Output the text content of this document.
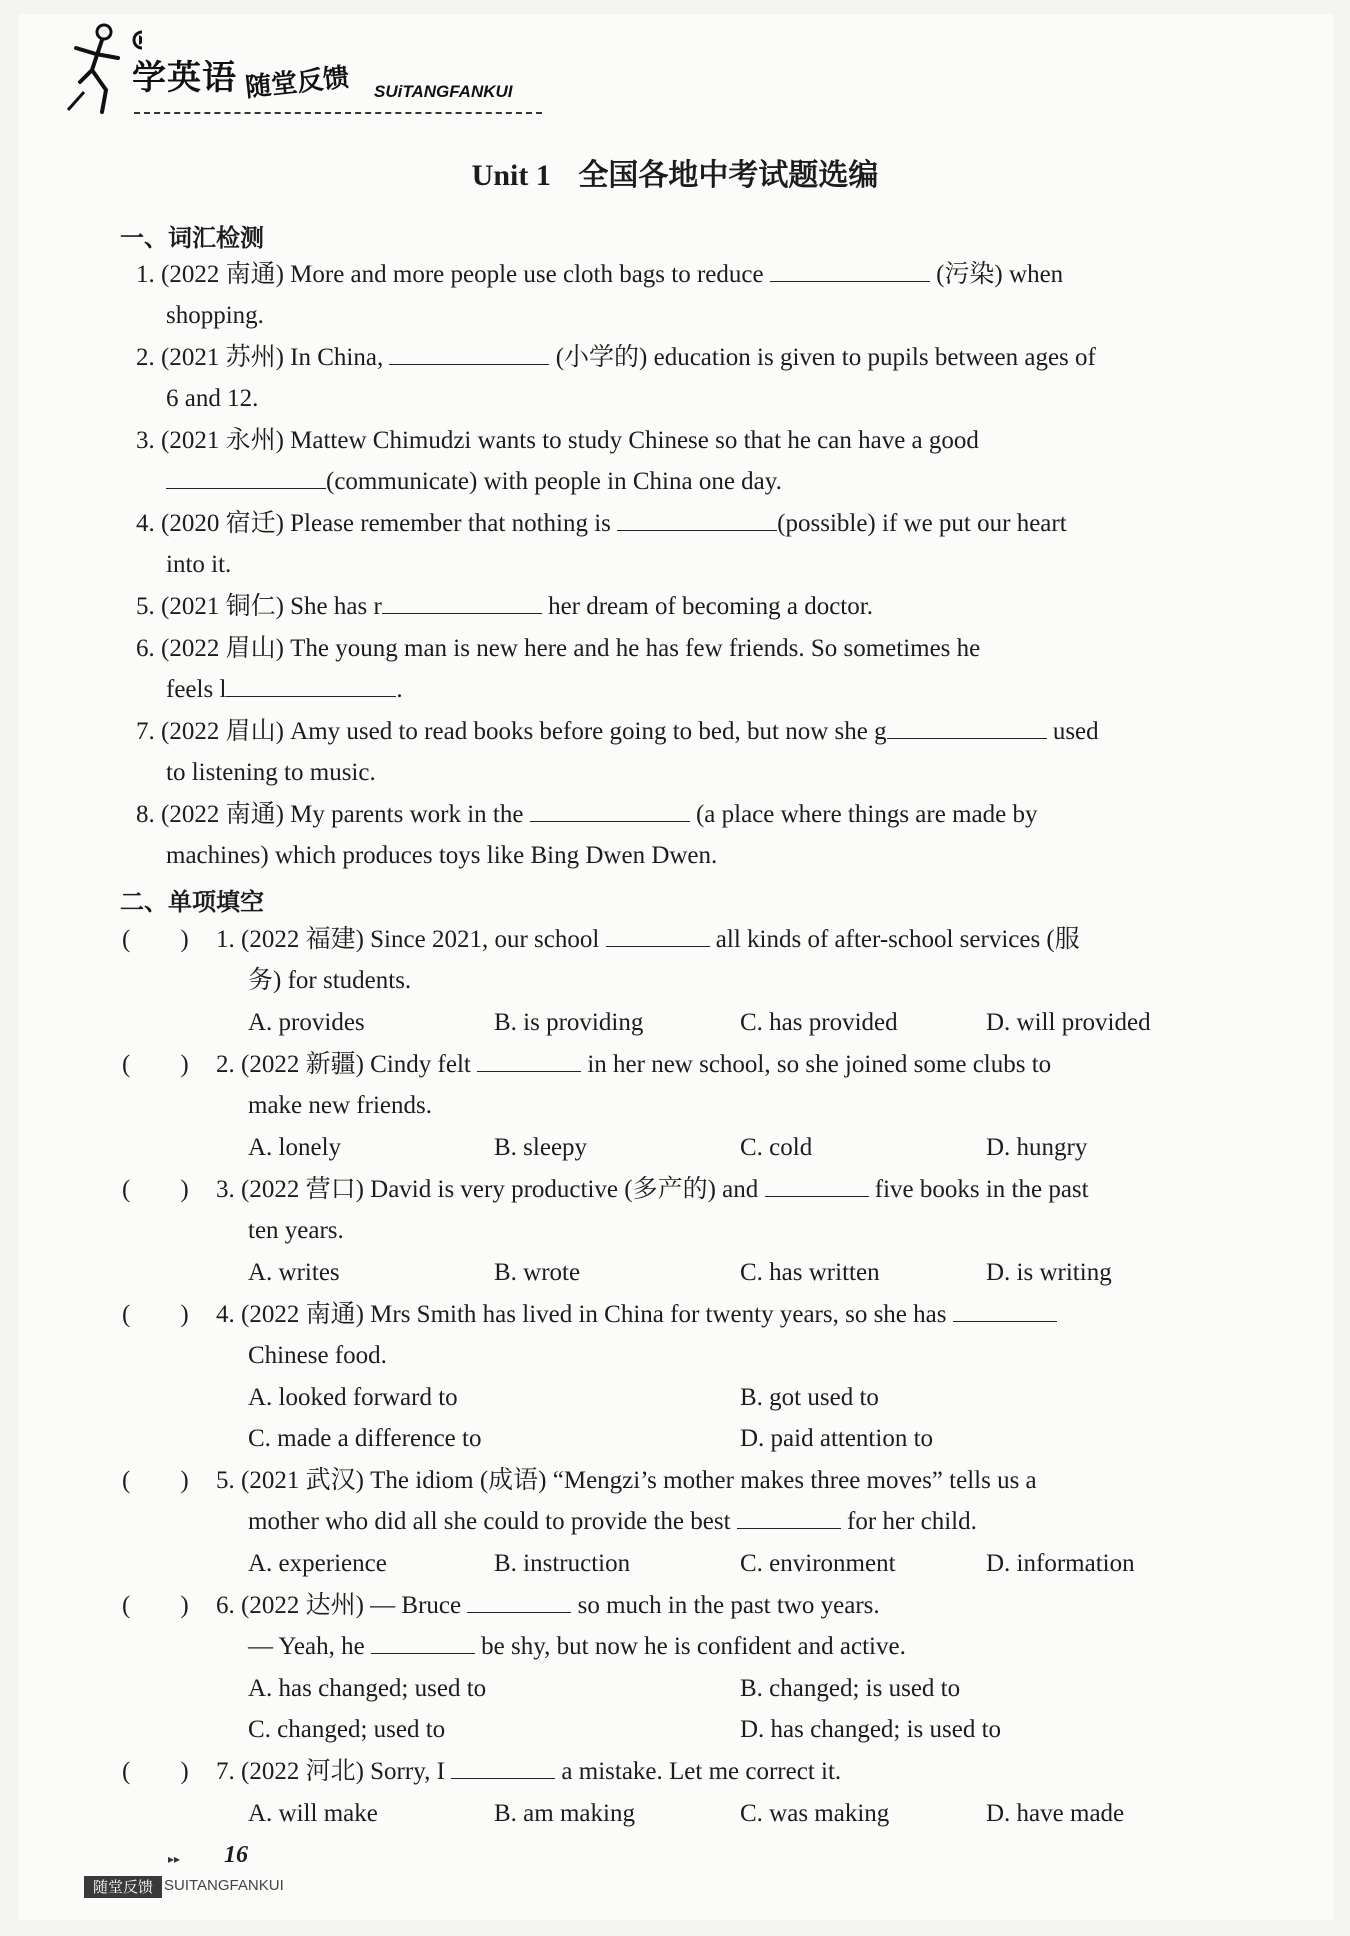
学英语 随堂反馈 SUiTANGFANKUI
Unit 1 全国各地中考试题选编
一、词汇检测
1. (2022 南通) More and more people use cloth bags to reduce	(污染) when
shopping.
2. (2021 苏州) In China,	(小学的) education is given to pupils between ages of
6 and 12.
3. (2021 永州) Mattew Chimudzi wants to study Chinese so that he can have a good
(communicate) with people in China one day.
4. (2020 宿迁) Please remember that nothing is	(possible) if we put our heart
into it.
5. (2021 铜仁) She has r	her dream of becoming a doctor.
6. (2022 眉山) The young man is new here and he has few friends. So sometimes he
feels l	.
7. (2022 眉山) Amy used to read books before going to bed, but now she g	used
to listening to music.
8. (2022 南通) My parents work in the	(a place where things are made by
machines) which produces toys like Bing Dwen Dwen.
二、单项填空
(　　) 1. (2022 福建) Since 2021, our school	all kinds of after-school services (服
务) for students.
A. provides	B. is providing	C. has provided	D. will provided
(　　) 2. (2022 新疆) Cindy felt	in her new school, so she joined some clubs to
make new friends.
A. lonely	B. sleepy	C. cold	D. hungry
(　　) 3. (2022 营口) David is very productive (多产的) and	five books in the past
ten years.
A. writes	B. wrote	C. has written	D. is writing
(　　) 4. (2022 南通) Mrs Smith has lived in China for twenty years, so she has
Chinese food.
A. looked forward to	B. got used to
C. made a difference to	D. paid attention to
(　　) 5. (2021 武汉) The idiom (成语) “Mengzi’s mother makes three moves” tells us a
mother who did all she could to provide the best	for her child.
A. experience	B. instruction	C. environment	D. information
(　　) 6. (2022 达州) — Bruce	so much in the past two years.
— Yeah, he	be shy, but now he is confident and active.
A. has changed; used to	B. changed; is used to
C. changed; used to	D. has changed; is used to
(　　) 7. (2022 河北) Sorry, I	a mistake. Let me correct it.
A. will make	B. am making	C. was making	D. have made
▸▸ 16
随堂反馈 SUITANGFANKUI
